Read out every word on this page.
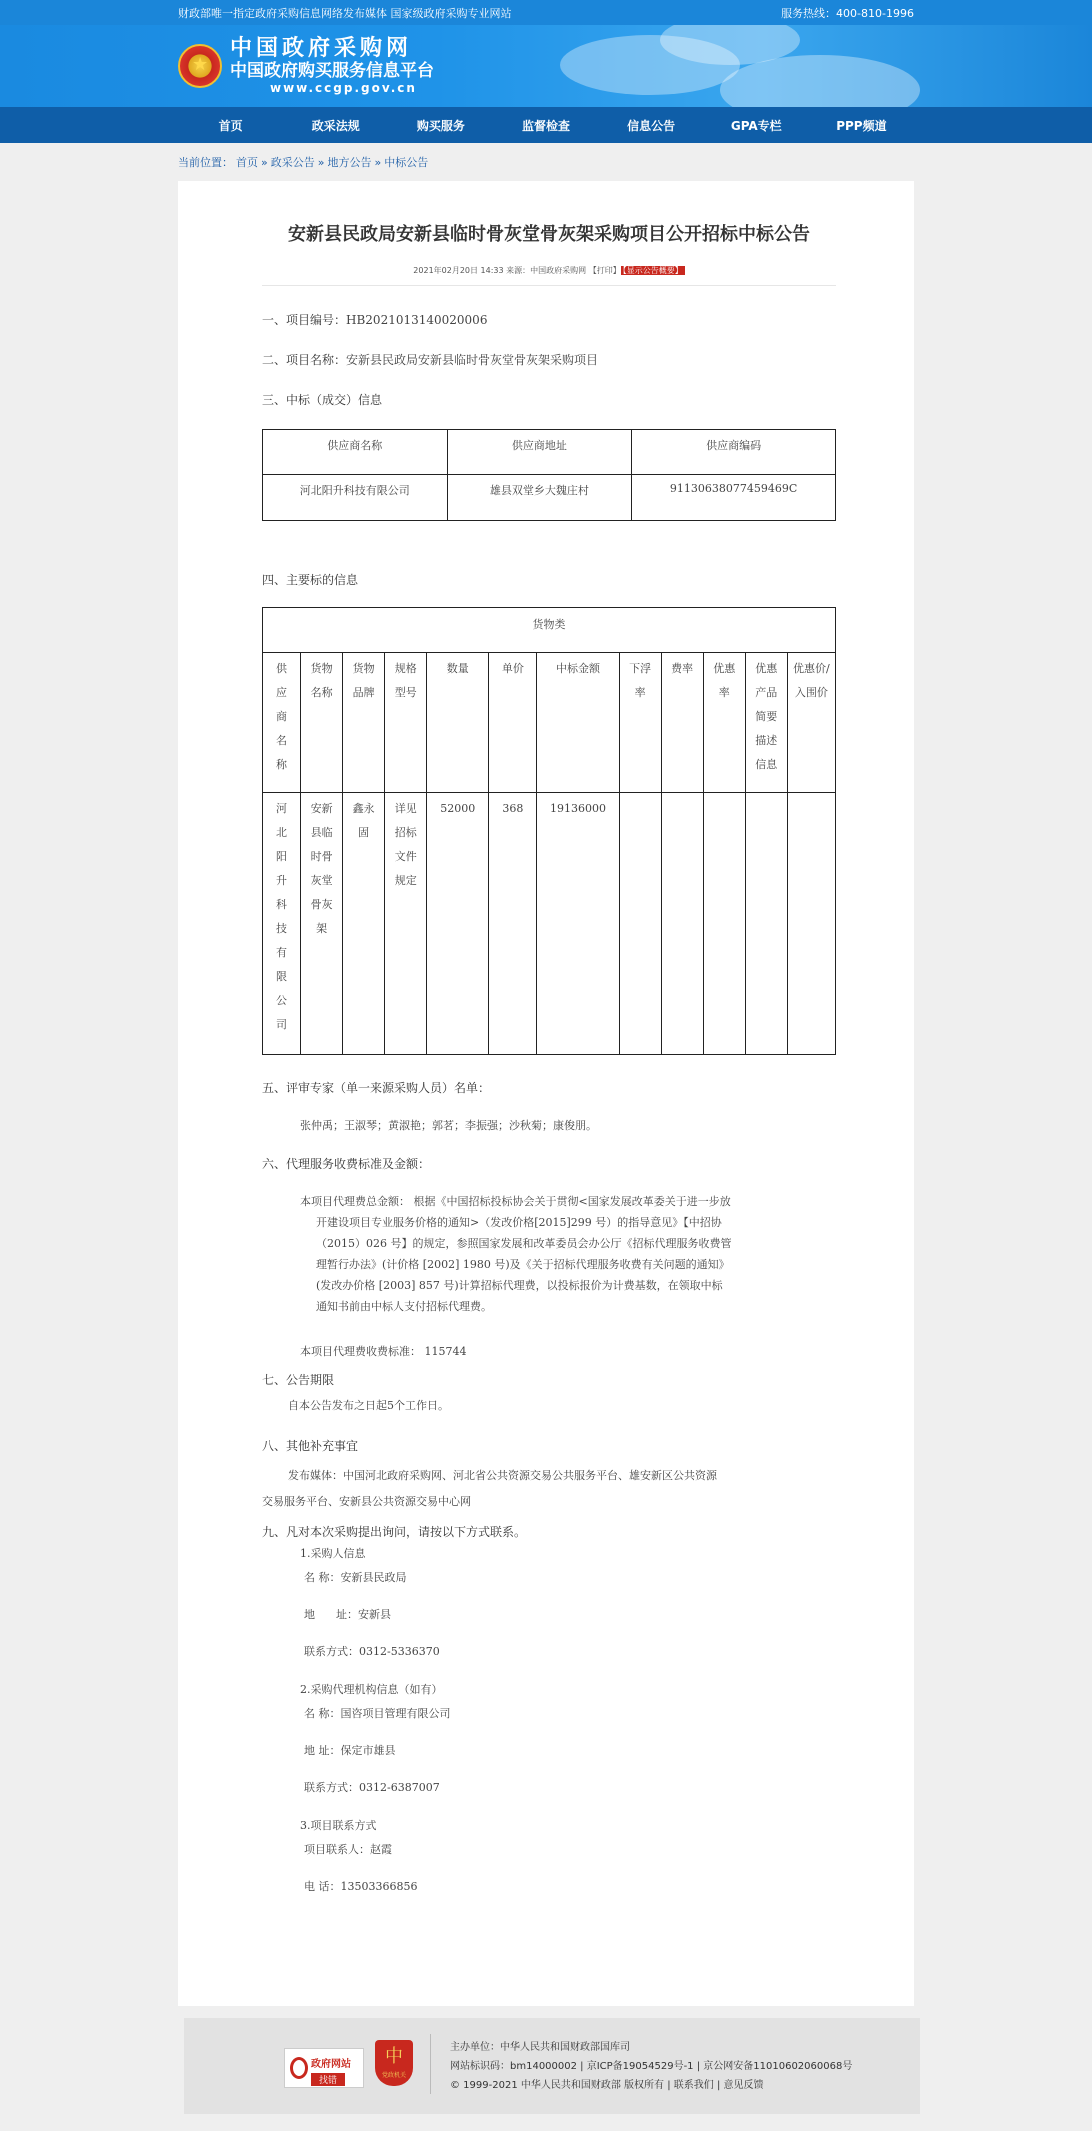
财政部唯一指定政府采购信息网络发布媒体 国家级政府采购专业网站	服务热线：400-810-1996
★
中国政府采购网
中国政府购买服务信息平台
www.ccgp.gov.cn
首页	政采法规	购买服务	监督检查	信息公告	GPA专栏	PPP频道
当前位置： 首页 » 政采公告 » 地方公告 » 中标公告
安新县民政局安新县临时骨灰堂骨灰架采购项目公开招标中标公告
2021年02月20日 14:33 来源：中国政府采购网 【打印】 【显示公告概要】
一、项目编号：HB2021013140020006
二、项目名称：安新县民政局安新县临时骨灰堂骨灰架采购项目
三、中标（成交）信息
供应商名称	供应商地址	供应商编码
河北阳升科技有限公司	雄县双堂乡大魏庄村	91130638077459469C
四、主要标的信息
货物类											
供应商名称	货物名称	货物品牌	规格型号	数量	单价	中标金额	下浮率	费率	优惠率	优惠产品简要描述信息	优惠价/入围价
河北阳升科技有限公司	安新县临时骨灰堂骨灰架	鑫永固	详见招标文件规定	52000	368	19136000					
五、评审专家（单一来源采购人员）名单：
张仲禹；王淑琴；黄淑艳；郭茗；李振强；沙秋菊；康俊朋。
六、代理服务收费标准及金额：
本项目代理费总金额： 根据《中国招标投标协会关于贯彻<国家发展改革委关于进一步放
开建设项目专业服务价格的通知>（发改价格[2015]299 号）的指导意见》【中招协
（2015）026 号】的规定，参照国家发展和改革委员会办公厅《招标代理服务收费管
理暂行办法》(计价格 [2002] 1980 号)及《关于招标代理服务收费有关问题的通知》
(发改办价格 [2003] 857 号)计算招标代理费，以投标报价为计费基数，在领取中标
通知书前由中标人支付招标代理费。
本项目代理费收费标准： 115744
七、公告期限
自本公告发布之日起5个工作日。
八、其他补充事宜
发布媒体：中国河北政府采购网、河北省公共资源交易公共服务平台、雄安新区公共资源
交易服务平台、安新县公共资源交易中心网
九、凡对本次采购提出询问，请按以下方式联系。
1.采购人信息
名 称：安新县民政局
地      址：安新县
联系方式：0312-5336370
2.采购代理机构信息（如有）
名 称：国咨项目管理有限公司
地 址：保定市雄县
联系方式：0312-6387007
3.项目联系方式
项目联系人：赵霞
电 话：13503366856
政府网站
找错
中
党政机关
主办单位：中华人民共和国财政部国库司
网站标识码：bm14000002 | 京ICP备19054529号-1 | 京公网安备11010602060068号
© 1999-2021 中华人民共和国财政部 版权所有 | 联系我们 | 意见反馈
